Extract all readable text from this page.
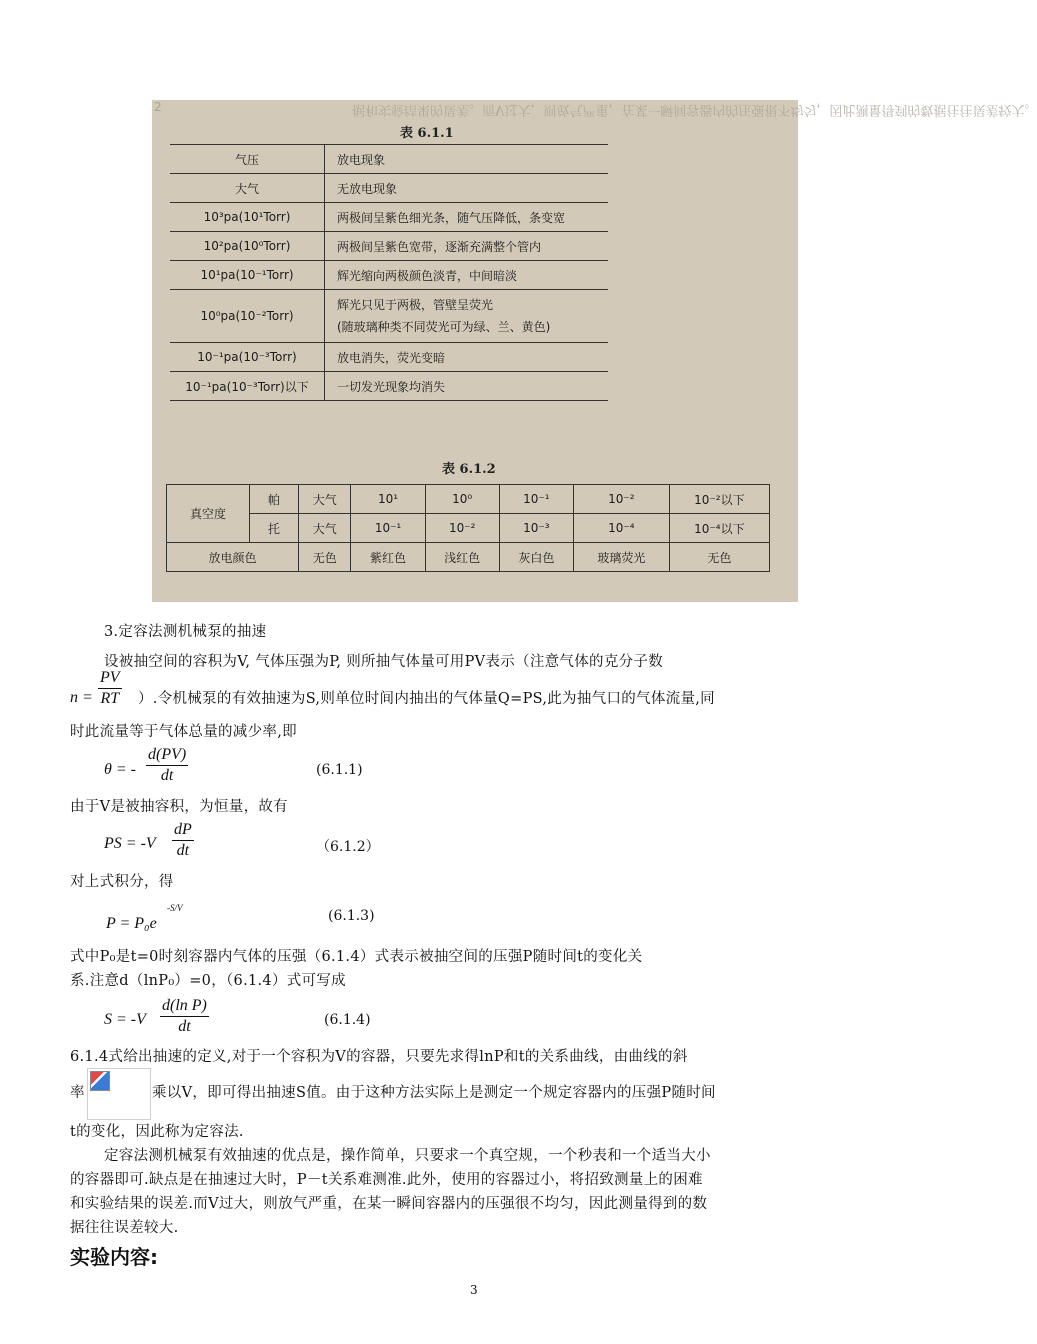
据和实验结果的误差。而V过大，则放气严重，在某一瞬间容器内的压强很不均匀，因此测量得到的数据往往误差较大。
2
表 6.1.1
气压	放电现象
大气	无放电现象
10³pa(10¹Torr)	两极间呈紫色细光条，随气压降低，条变宽
10²pa(10⁰Torr)	两极间呈紫色宽带，逐渐充满整个管内
10¹pa(10⁻¹Torr)	辉光缩向两极颜色淡青，中间暗淡
10⁰pa(10⁻²Torr)	辉光只见于两极，管壁呈荧光
(随玻璃种类不同荧光可为绿、兰、黄色)

10⁻¹pa(10⁻³Torr)	放电消失，荧光变暗
10⁻¹pa(10⁻³Torr)以下	一切发光现象均消失
表 6.1.2
真空度	帕	大气	10¹	10⁰	10⁻¹	10⁻²	10⁻²以下
	托	大气	10⁻¹	10⁻²	10⁻³	10⁻⁴	10⁻⁴以下
放电颜色		无色	紫红色	浅红色	灰白色	玻璃荧光	无色
3.定容法测机械泵的抽速
设被抽空间的容积为V, 气体压强为P, 则所抽气体量可用PV表示（注意气体的克分子数
$n = \frac{PV}{RT}$ ）.令机械泵的有效抽速为S,则单位时间内抽出的气体量Q=PS,此为抽气口的气体流量,同
时此流量等于气体总量的减少率,即
θ = - $\frac{d(PV)}{dt}$	(6.1.1)
由于V是被抽容积，为恒量，故有
PS = $-V \frac{dP}{dt}$	（6.1.2）
对上式积分，得
P = P₀e
-S/V	(6.1.3)
式中P₀是t=0时刻容器内气体的压强（6.1.4）式表示被抽空间的压强P随时间t的变化关
系.注意d（lnP₀）=0，（6.1.4）式可写成
$S = -V \frac{\text{d(ln P)}}{dt}$	(6.1.4)
6.1.4式给出抽速的定义,对于一个容积为V的容器，只要先求得lnP和t的关系曲线，由曲线的斜
率	乘以V，即可得出抽速S值。由于这种方法实际上是测定一个规定容器内的压强P随时间
t的变化，因此称为定容法.
定容法测机械泵有效抽速的优点是，操作简单，只要求一个真空规，一个秒表和一个适当大小
的容器即可.缺点是在抽速过大时，P－t关系难测准.此外，使用的容器过小，将招致测量上的困难
和实验结果的误差.而V过大，则放气严重，在某一瞬间容器内的压强很不均匀，因此测量得到的数
据往往误差较大.
实验内容:
3
